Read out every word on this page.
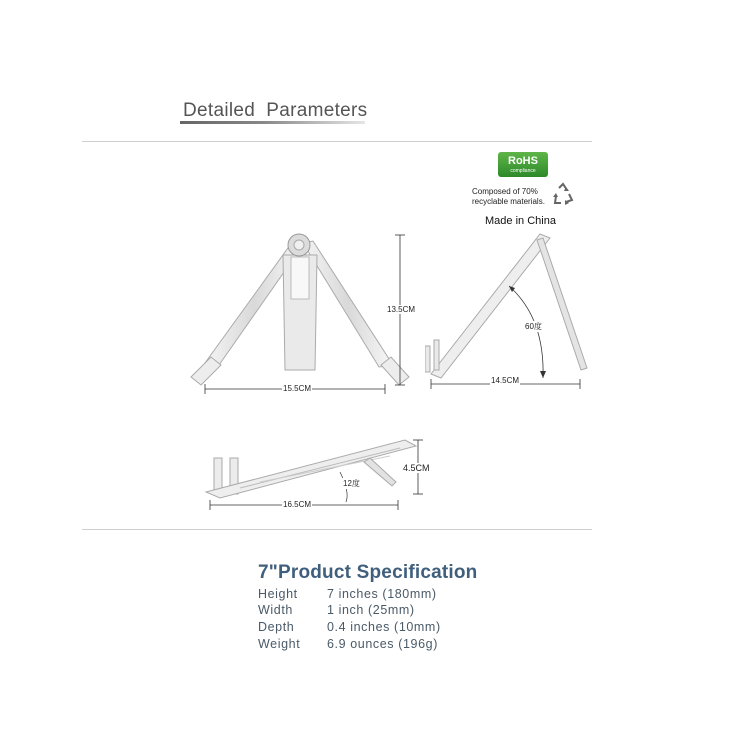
Detailed  Parameters
RoHS
compliance
Composed of 70%
recyclable materials.
Made in China
15.5CM
13.5CM
14.5CM
60度
16.5CM
4.5CM
12度
7"Product Specification
Height 7 inches (180mm)
Width	1 inch (25mm)
Depth	0.4 inches (10mm)
Weight 6.9 ounces (196g)
